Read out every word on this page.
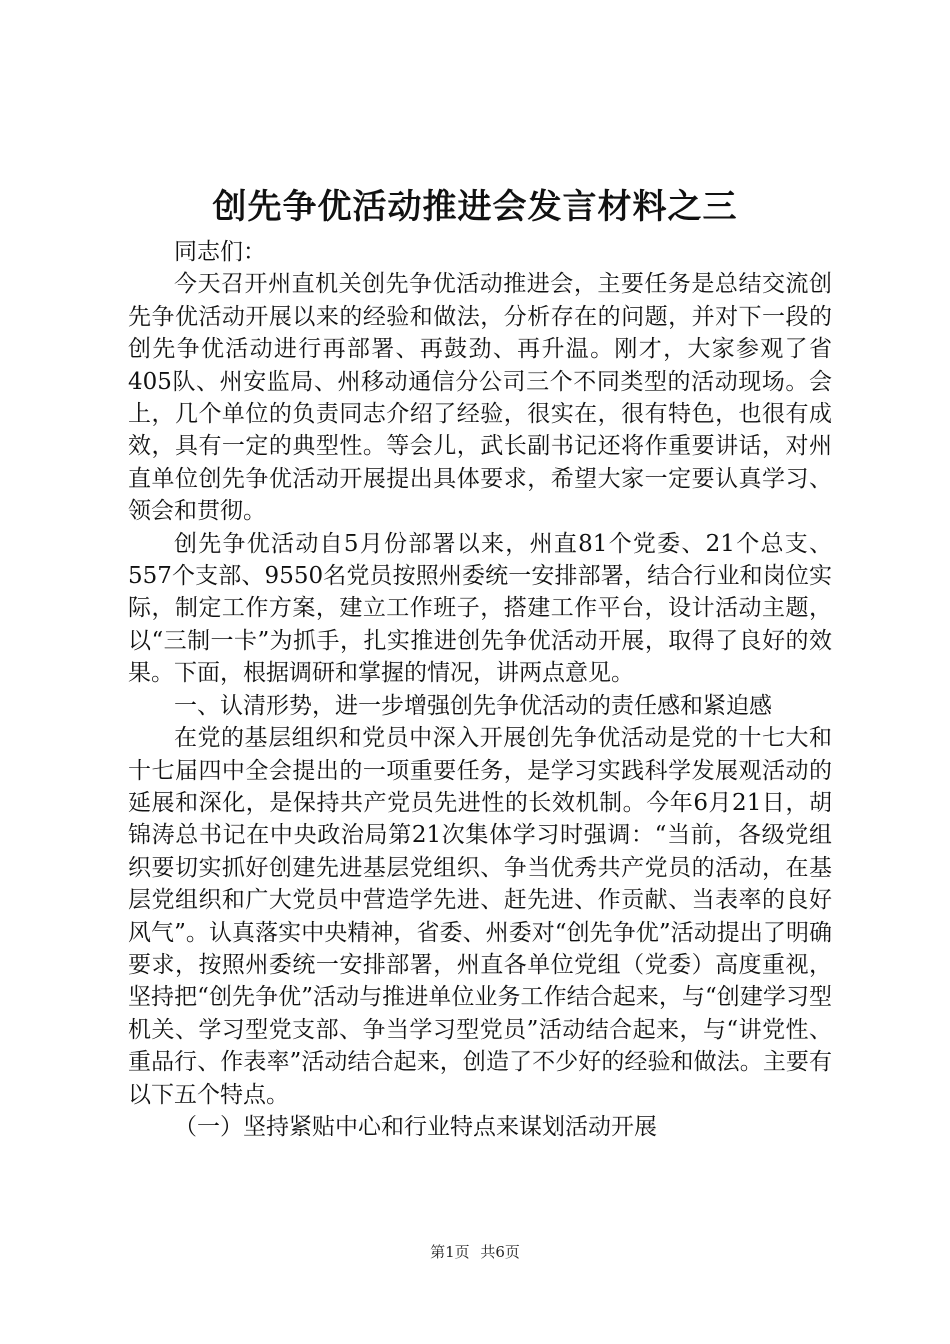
创先争优活动推进会发言材料之三

同志们：

今天召开州直机关创先争优活动推进会，主要任务是总结交流创先争优活动开展以来的经验和做法，分析存在的问题，并对下一段的创先争优活动进行再部署、再鼓劲、再升温。刚才，大家参观了省405队、州安监局、州移动通信分公司三个不同类型的活动现场。会上，几个单位的负责同志介绍了经验，很实在，很有特色，也很有成效，具有一定的典型性。等会儿，武长副书记还将作重要讲话，对州直单位创先争优活动开展提出具体要求，希望大家一定要认真学习、领会和贯彻。

创先争优活动自5月份部署以来，州直81个党委、21个总支、557个支部、9550名党员按照州委统一安排部署，结合行业和岗位实际，制定工作方案，建立工作班子，搭建工作平台，设计活动主题，以“三制一卡”为抓手，扎实推进创先争优活动开展，取得了良好的效果。下面，根据调研和掌握的情况，讲两点意见。

一、认清形势，进一步增强创先争优活动的责任感和紧迫感

在党的基层组织和党员中深入开展创先争优活动是党的十七大和十七届四中全会提出的一项重要任务，是学习实践科学发展观活动的延展和深化，是保持共产党员先进性的长效机制。今年6月21日，胡锦涛总书记在中央政治局第21次集体学习时强调：“当前，各级党组织要切实抓好创建先进基层党组织、争当优秀共产党员的活动，在基层党组织和广大党员中营造学先进、赶先进、作贡献、当表率的良好风气”。认真落实中央精神，省委、州委对“创先争优”活动提出了明确要求，按照州委统一安排部署，州直各单位党组（党委）高度重视，坚持把“创先争优”活动与推进单位业务工作结合起来，与“创建学习型机关、学习型党支部、争当学习型党员”活动结合起来，与“讲党性、重品行、作表率”活动结合起来，创造了不少好的经验和做法。主要有以下五个特点。

（一）坚持紧贴中心和行业特点来谋划活动开展

第1页 共6页
